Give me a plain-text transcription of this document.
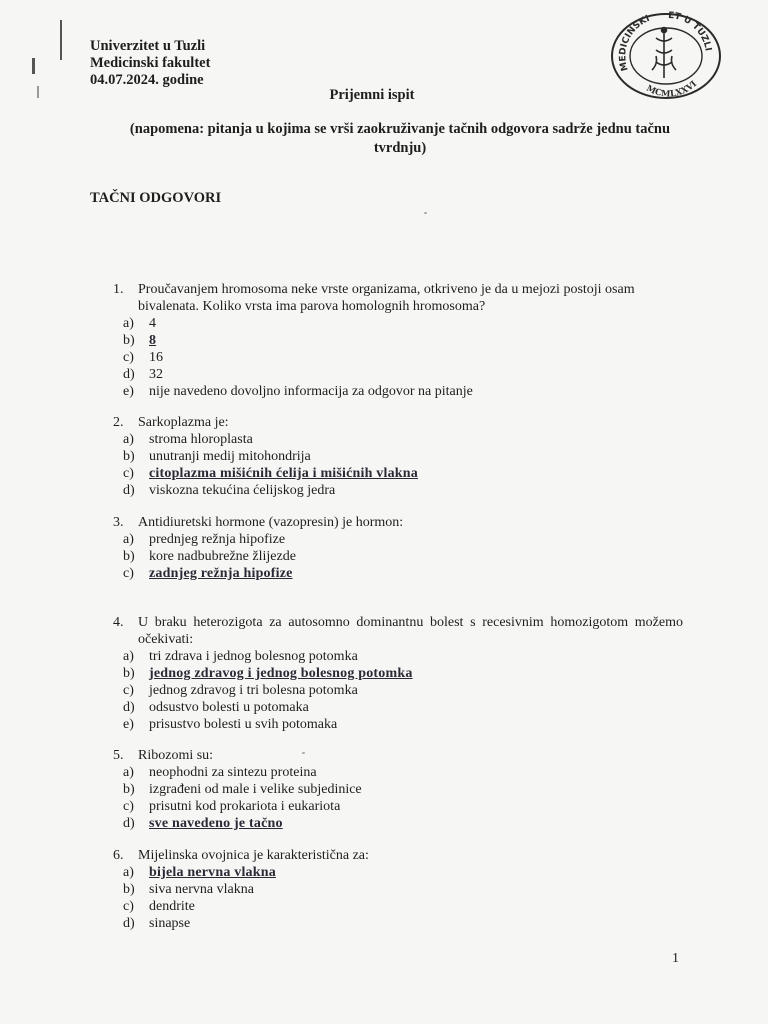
Univerzitet u Tuzli
Medicinski fakultet
04.07.2024. godine
MEDICINSKI ET U TUZLI
MCMLXXVI
Prijemni ispit
(napomena: pitanja u kojima se vrši zaokruživanje tačnih odgovora sadrže jednu tačnu tvrdnju)
TAČNI ODGOVORI
1.	Proučavanjem hromosoma neke vrste organizama, otkriveno je da u mejozi postoji osam bivalenata. Koliko vrsta ima parova homolognih hromosoma?
a)	4
b)	8
c)	16
d)	32
e)	nije navedeno dovoljno informacija za odgovor na pitanje
2.	Sarkoplazma je:
a)	stroma hloroplasta
b)	unutranji medij mitohondrija
c)	citoplazma mišićnih ćelija i mišićnih vlakna
d)	viskozna tekućina ćelijskog jedra
3.	Antidiuretski hormone (vazopresin) je hormon:
a)	prednjeg režnja hipofize
b)	kore nadbubrežne žlijezde
c)	zadnjeg režnja hipofize
4.	U braku heterozigota za autosomno dominantnu bolest s recesivnim homozigotom možemo očekivati:
a)	tri zdrava i jednog bolesnog potomka
b)	jednog zdravog i jednog bolesnog potomka
c)	jednog zdravog i tri bolesna potomka
d)	odsustvo bolesti u potomaka
e)	prisustvo bolesti u svih potomaka
5.	Ribozomi su:
a)	neophodni za sintezu proteina
b)	izgrađeni od male i velike subjedinice
c)	prisutni kod prokariota i eukariota
d)	sve navedeno je tačno
6.	Mijelinska ovojnica je karakteristična za:
a)	bijela nervna vlakna
b)	siva nervna vlakna
c)	dendrite
d)	sinapse
1
